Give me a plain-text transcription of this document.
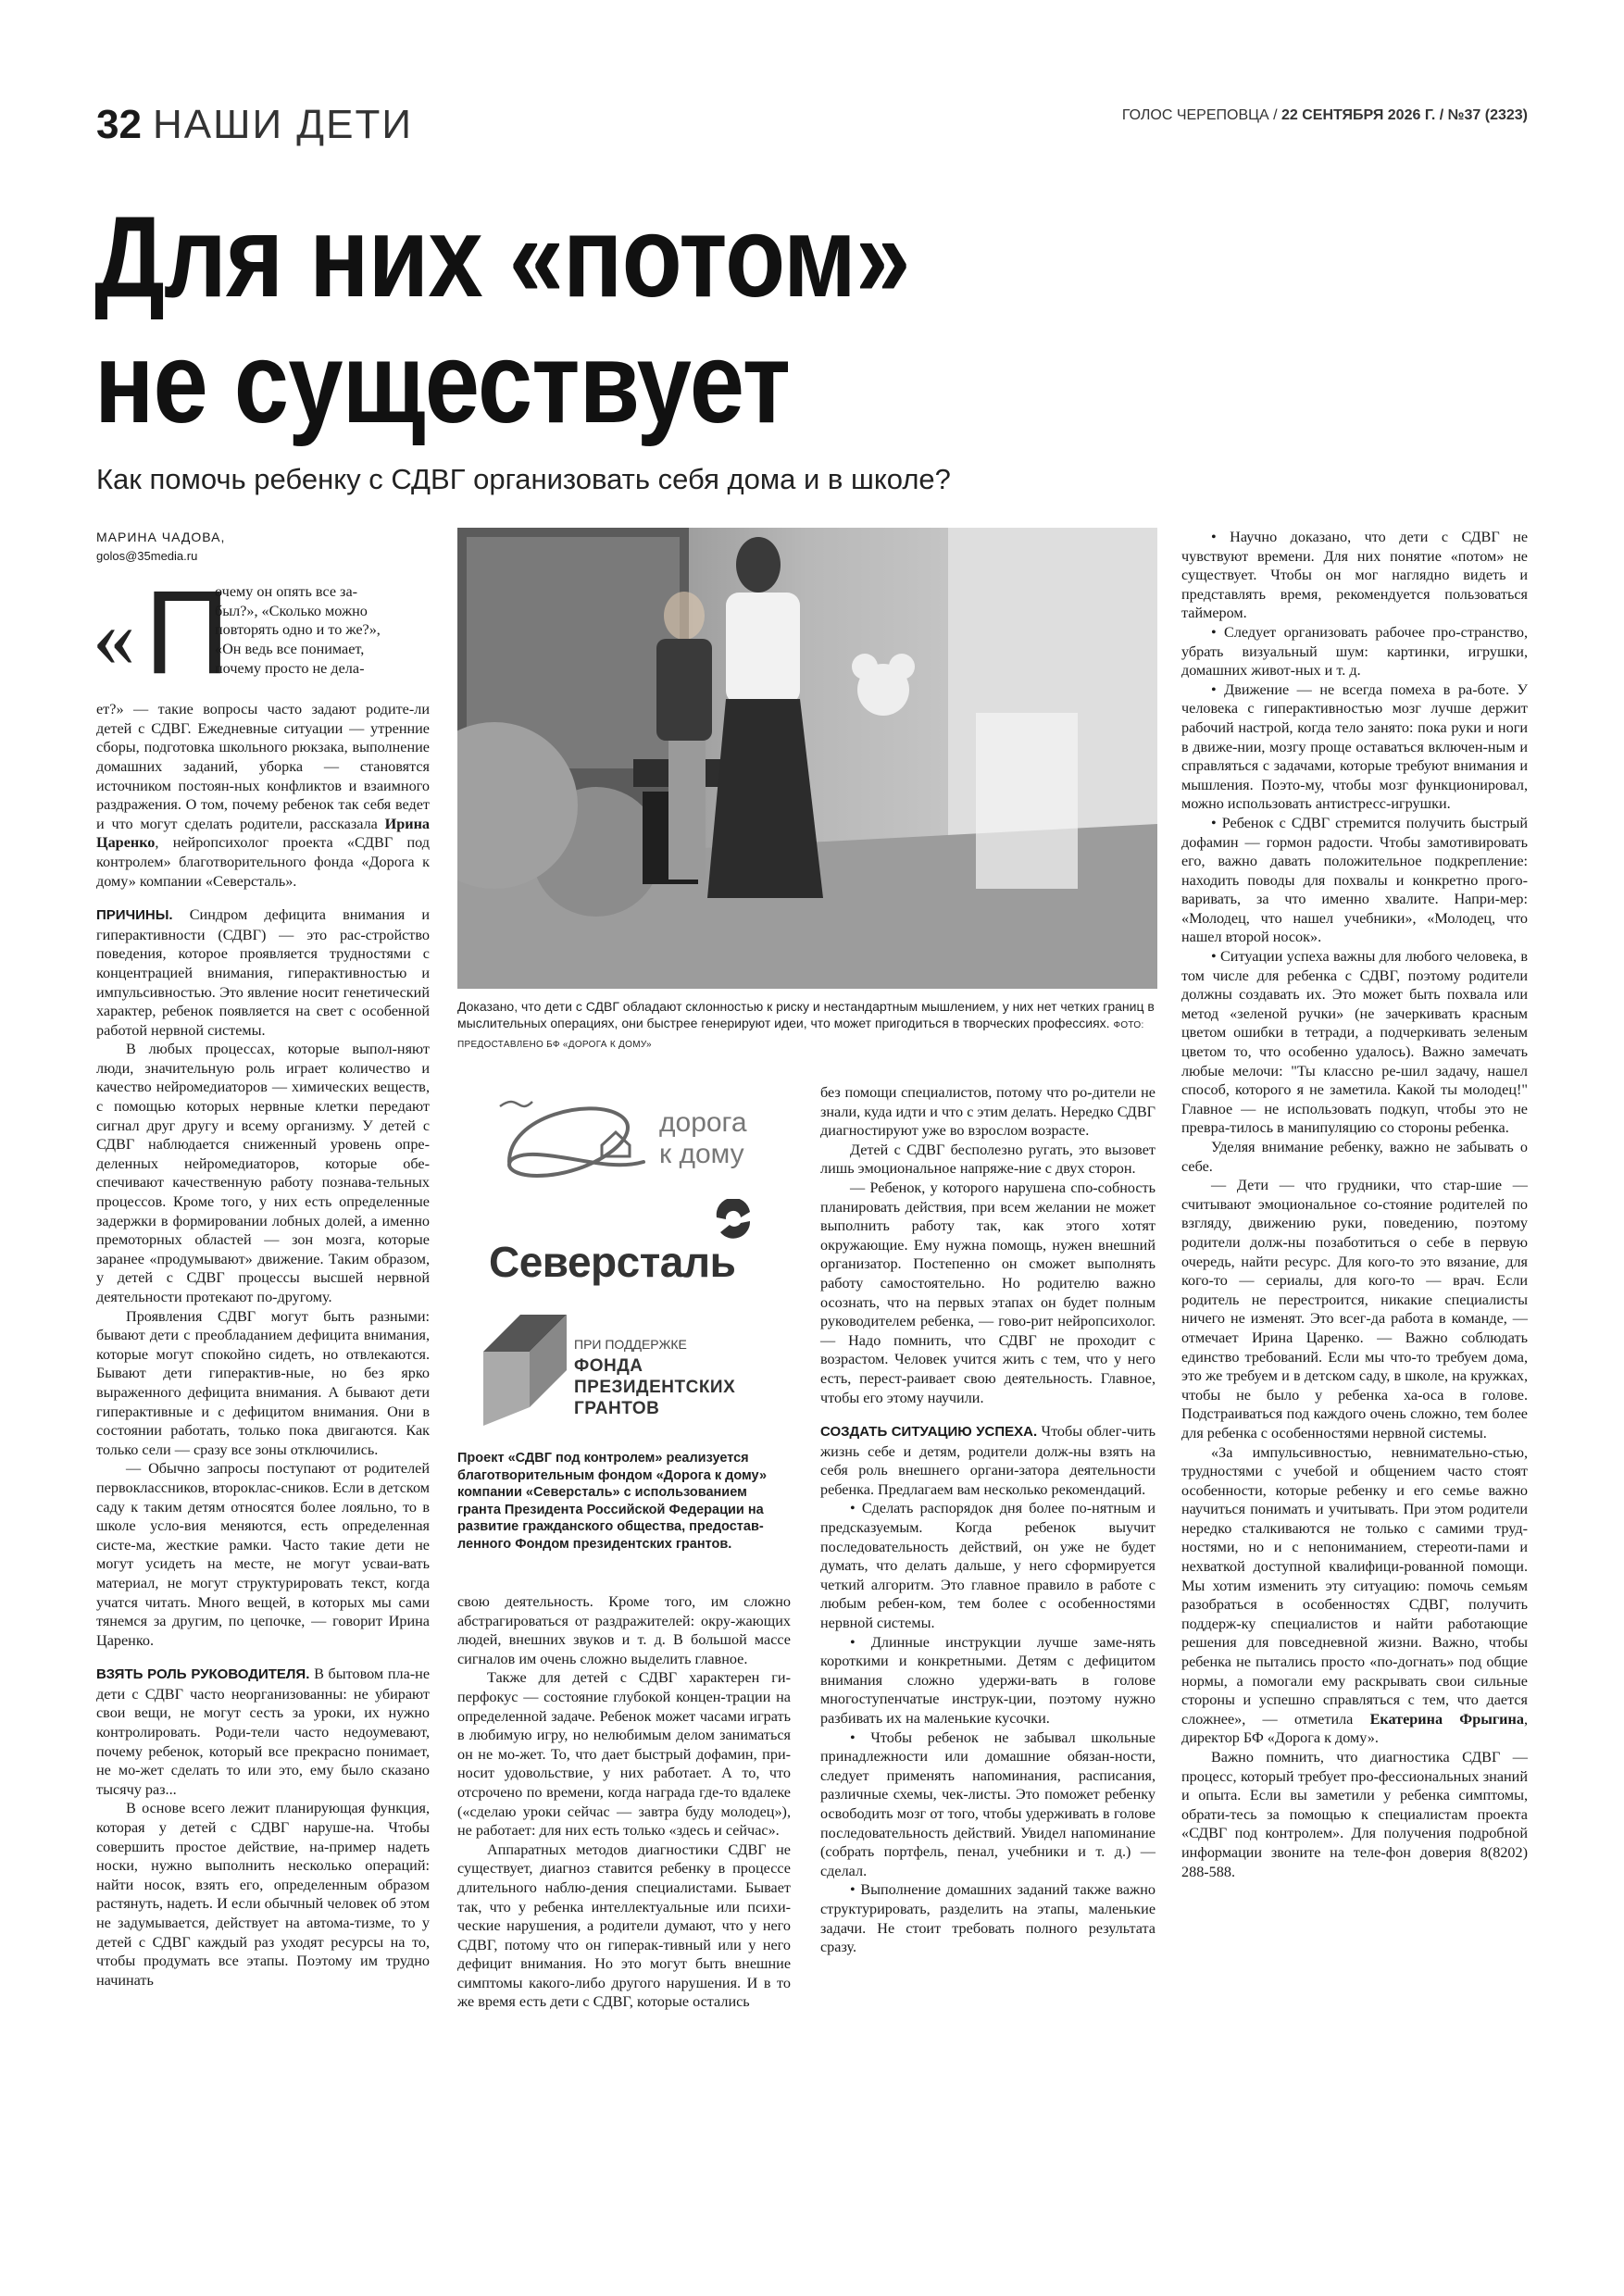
32 НАШИ ДЕТИ	ГОЛОС ЧЕРЕПОВЦА / 22 СЕНТЯБРЯ 2026 Г. / №37 (2323)
Для них «потом»
не существует
Как помочь ребенку с СДВГ организовать себя дома и в школе?
МАРИНА ЧАДОВА,
golos@35media.ru
« П
очему он опять все за-
был?», «Сколько можно
повторять одно и то же?»,
«Он ведь все понимает,
почему просто не дела-

ет?» — такие вопросы часто задают родите-ли детей с СДВГ. Ежедневные ситуации — утренние сборы, подготовка школьного рюкзака, выполнение домашних заданий, уборка — становятся источником постоян-ных конфликтов и взаимного раздражения. О том, почему ребенок так себя ведет и что могут сделать родители, рассказала Ирина Царенко, нейропсихолог проекта «СДВГ под контролем» благотворительного фонда «Дорога к дому» компании «Северсталь».

ПРИЧИНЫ. Синдром дефицита внимания и гиперактивности (СДВГ) — это рас-стройство поведения, которое проявляется трудностями с концентрацией внимания, гиперактивностью и импульсивностью. Это явление носит генетический характер, ребенок появляется на свет с особенной работой нервной системы.

В любых процессах, которые выпол-няют люди, значительную роль играет количество и качество нейромедиаторов — химических веществ, с помощью которых нервные клетки передают сигнал друг другу и всему организму. У детей с СДВГ наблюдается сниженный уровень опре-деленных нейромедиаторов, которые обе-спечивают качественную работу познава-тельных процессов. Кроме того, у них есть определенные задержки в формировании лобных долей, а именно премоторных областей — зон мозга, которые заранее «продумывают» движение. Таким образом, у детей с СДВГ процессы высшей нервной деятельности протекают по-другому.

Проявления СДВГ могут быть разными: бывают дети с преобладанием дефицита внимания, которые могут спокойно сидеть, но отвлекаются. Бывают дети гиперактив-ные, но без ярко выраженного дефицита внимания. А бывают дети гиперактивные и с дефицитом внимания. Они в состоянии работать, только пока двигаются. Как только сели — сразу все зоны отключились.

— Обычно запросы поступают от родителей первоклассников, второклас-сников. Если в детском саду к таким детям относятся более лояльно, то в школе усло-вия меняются, есть определенная систе-ма, жесткие рамки. Часто такие дети не могут усидеть на месте, не могут усваи-вать материал, не могут структурировать текст, когда учатся читать. Много вещей, в которых мы сами тянемся за другим, по цепочке, — говорит Ирина Царенко.

ВЗЯТЬ РОЛЬ РУКОВОДИТЕЛЯ. В бытовом пла-не дети с СДВГ часто неорганизованны: не убирают свои вещи, не могут сесть за уроки, их нужно контролировать. Роди-тели часто недоумевают, почему ребенок, который все прекрасно понимает, не мо-жет сделать то или это, ему было сказано тысячу раз...

В основе всего лежит планирующая функция, которая у детей с СДВГ наруше-на. Чтобы совершить простое действие, на-пример надеть носки, нужно выполнить несколько операций: найти носок, взять его, определенным образом растянуть, надеть. И если обычный человек об этом не задумывается, действует на автома-тизме, то у детей с СДВГ каждый раз уходят ресурсы на то, чтобы продумать все этапы. Поэтому им трудно начинать

Доказано, что дети с СДВГ обладают склонностью к риску и нестандартным мышлением, у них нет четких границ в мыслительных операциях, они быстрее генерируют идеи, что может пригодиться в творческих профессиях. ФОТО: ПРЕДОСТАВЛЕНО БФ «ДОРОГА К ДОМУ»
дорога
к дому
Северсталь
ПРИ ПОДДЕРЖКЕ
ФОНДА
ПРЕЗИДЕНТСКИХ
ГРАНТОВ
Проект «СДВГ под контролем» реализуется благотворительным фондом «Дорога к дому» компании «Северсталь» с использованием гранта Президента Российской Федерации на развитие гражданского общества, предостав-ленного Фондом президентских грантов.

свою деятельность. Кроме того, им сложно абстрагироваться от раздражителей: окру-жающих людей, внешних звуков и т. д. В большой массе сигналов им очень сложно выделить главное.

Также для детей с СДВГ характерен ги-перфокус — состояние глубокой концен-трации на определенной задаче. Ребенок может часами играть в любимую игру, но нелюбимым делом заниматься он не мо-жет. То, что дает быстрый дофамин, при-носит удовольствие, у них работает. А то, что отсрочено по времени, когда награда где-то вдалеке («сделаю уроки сейчас — завтра буду молодец»), не работает: для них есть только «здесь и сейчас».

Аппаратных методов диагностики СДВГ не существует, диагноз ставится ребенку в процессе длительного наблю-дения специалистами. Бывает так, что у ребенка интеллектуальные или психи-ческие нарушения, а родители думают, что у него СДВГ, потому что он гиперак-тивный или у него дефицит внимания. Но это могут быть внешние симптомы какого-либо другого нарушения. И в то же время есть дети с СДВГ, которые остались

без помощи специалистов, потому что ро-дители не знали, куда идти и что с этим делать. Нередко СДВГ диагностируют уже во взрослом возрасте.

Детей с СДВГ бесполезно ругать, это вызовет лишь эмоциональное напряже-ние с двух сторон.

— Ребенок, у которого нарушена спо-собность планировать действия, при всем желании не может выполнить работу так, как этого хотят окружающие. Ему нужна помощь, нужен внешний организатор. Постепенно он сможет выполнять работу самостоятельно. Но родителю важно осознать, что на первых этапах он будет полным руководителем ребенка, — гово-рит нейропсихолог. — Надо помнить, что СДВГ не проходит с возрастом. Человек учится жить с тем, что у него есть, перест-раивает свою деятельность. Главное, чтобы его этому научили.

СОЗДАТЬ СИТУАЦИЮ УСПЕХА. Чтобы облег-чить жизнь себе и детям, родители долж-ны взять на себя роль внешнего органи-затора деятельности ребенка. Предлагаем вам несколько рекомендаций.

• Сделать распорядок дня более по-нятным и предсказуемым. Когда ребенок выучит последовательность действий, он уже не будет думать, что делать дальше, у него сформируется четкий алгоритм. Это главное правило в работе с любым ребен-ком, тем более с особенностями нервной системы.

• Длинные инструкции лучше заме-нять короткими и конкретными. Детям с дефицитом внимания сложно удержи-вать в голове многоступенчатые инструк-ции, поэтому нужно разбивать их на маленькие кусочки.

• Чтобы ребенок не забывал школьные принадлежности или домашние обязан-ности, следует применять напоминания, расписания, различные схемы, чек-листы. Это поможет ребенку освободить мозг от того, чтобы удерживать в голове последовательность действий. Увидел напоминание (собрать портфель, пенал, учебники и т. д.) — сделал.

• Выполнение домашних заданий также важно структурировать, разделить на этапы, маленькие задачи. Не стоит требовать полного результата сразу.

• Научно доказано, что дети с СДВГ не чувствуют времени. Для них понятие «потом» не существует. Чтобы он мог наглядно видеть и представлять время, рекомендуется пользоваться таймером.

• Следует организовать рабочее про-странство, убрать визуальный шум: картинки, игрушки, домашних живот-ных и т. д.

• Движение — не всегда помеха в ра-боте. У человека с гиперактивностью мозг лучше держит рабочий настрой, когда тело занято: пока руки и ноги в движе-нии, мозгу проще оставаться включен-ным и справляться с задачами, которые требуют внимания и мышления. Поэто-му, чтобы мозг функционировал, можно использовать антистресс-игрушки.

• Ребенок с СДВГ стремится получить быстрый дофамин — гормон радости. Чтобы замотивировать его, важно давать положительное подкрепление: находить поводы для похвалы и конкретно прого-варивать, за что именно хвалите. Напри-мер: «Молодец, что нашел учебники», «Молодец, что нашел второй носок».

• Ситуации успеха важны для любого человека, в том числе для ребенка с СДВГ, поэтому родители должны создавать их. Это может быть похвала или метод «зеленой ручки» (не зачеркивать красным цветом ошибки в тетради, а подчеркивать зеленым цветом то, что особенно удалось). Важно замечать любые мелочи: "Ты классно ре-шил задачу, нашел способ, которого я не заметила. Какой ты молодец!" Главное — не использовать подкуп, чтобы это не превра-тилось в манипуляцию со стороны ребенка.

Уделяя внимание ребенку, важно не забывать о себе.

— Дети — что грудники, что стар-шие — считывают эмоциональное со-стояние родителей по взгляду, движению руки, поведению, поэтому родители долж-ны позаботиться о себе в первую очередь, найти ресурс. Для кого-то это вязание, для кого-то — сериалы, для кого-то — врач. Если родитель не перестроится, никакие специалисты ничего не изменят. Это всег-да работа в команде, — отмечает Ирина Царенко. — Важно соблюдать единство требований. Если мы что-то требуем дома, это же требуем и в детском саду, в школе, на кружках, чтобы не было у ребенка ха-оса в голове. Подстраиваться под каждого очень сложно, тем более для ребенка с особенностями нервной системы.

«За импульсивностью, невнимательно-стью, трудностями с учебой и общением часто стоят особенности, которые ребенку и его семье важно научиться понимать и учитывать. При этом родители нередко сталкиваются не только с самими труд-ностями, но и с непониманием, стереоти-пами и нехваткой доступной квалифици-рованной помощи. Мы хотим изменить эту ситуацию: помочь семьям разобраться в особенностях СДВГ, получить поддерж-ку специалистов и найти работающие решения для повседневной жизни. Важно, чтобы ребенка не пытались просто «по-догнать» под общие нормы, а помогали ему раскрывать свои сильные стороны и успешно справляться с тем, что дается сложнее», — отметила Екатерина Фрыгина, директор БФ «Дорога к дому».

Важно помнить, что диагностика СДВГ — процесс, который требует про-фессиональных знаний и опыта. Если вы заметили у ребенка симптомы, обрати-тесь за помощью к специалистам проекта «СДВГ под контролем». Для получения подробной информации звоните на теле-фон доверия 8(8202) 288-588.
